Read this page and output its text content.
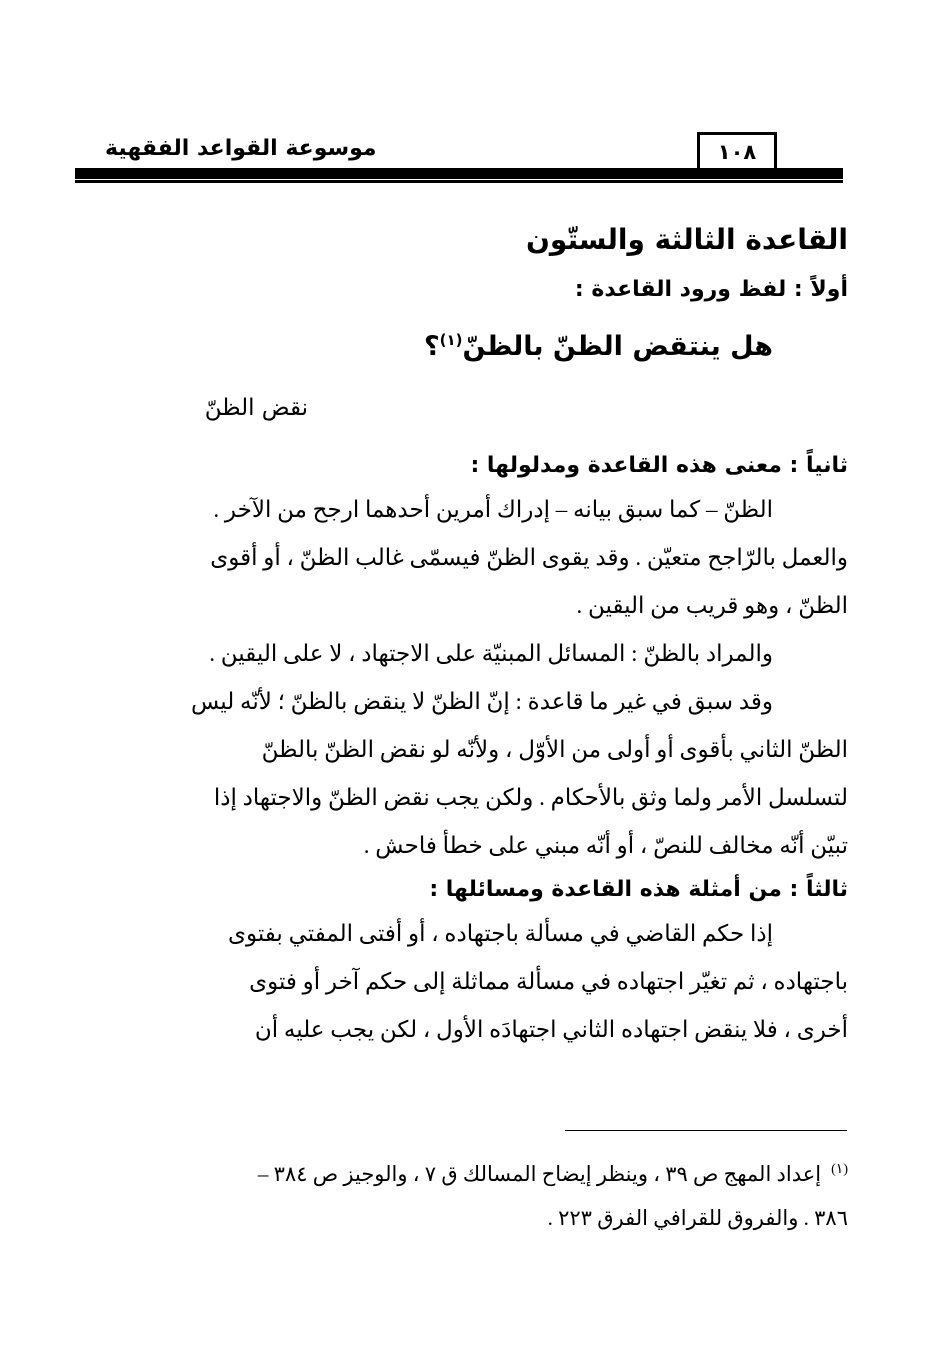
موسوعة القواعد الفقهية	١٠٨
القاعدة الثالثة والستّون
أولاً : لفظ ورود القاعدة :
هل ينتقض الظنّ بالظنّ$^{(١)}$؟
نقض الظنّ
ثانياً : معنى هذه القاعدة ومدلولها :

الظنّ – كما سبق بيانه – إدراك أمرين أحدهما ارجح من الآخر .

والعمل بالرّاجح متعيّن . وقد يقوى الظنّ فيسمّى غالب الظنّ ، أو أقوى

الظنّ ، وهو قريب من اليقين .

والمراد بالظنّ : المسائل المبنيّة على الاجتهاد ، لا على اليقين .

وقد سبق في غير ما قاعدة : إنّ الظنّ لا ينقض بالظنّ ؛ لأنّه ليس

الظنّ الثاني بأقوى أو أولى من الأوّل ، ولأنّه لو نقض الظنّ بالظنّ

لتسلسل الأمر ولما وثق بالأحكام . ولكن يجب نقض الظنّ والاجتهاد إذا

تبيّن أنّه مخالف للنصّ ، أو أنّه مبني على خطأ فاحش .

ثالثاً : من أمثلة هذه القاعدة ومسائلها :

إذا حكم القاضي في مسألة باجتهاده ، أو أفتى المفتي بفتوى

باجتهاده ، ثم تغيّر اجتهاده في مسألة مماثلة إلى حكم آخر أو فتوى

أخرى ، فلا ينقض اجتهاده الثاني اجتهادَه الأول ، لكن يجب عليه أن

$^{(١)}$إعداد المهج ص ٣٩ ، وينظر إيضاح المسالك ق ٧ ، والوجيز ص ٣٨٤ –
٣٨٦ . والفروق للقرافي الفرق ٢٢٣ .
